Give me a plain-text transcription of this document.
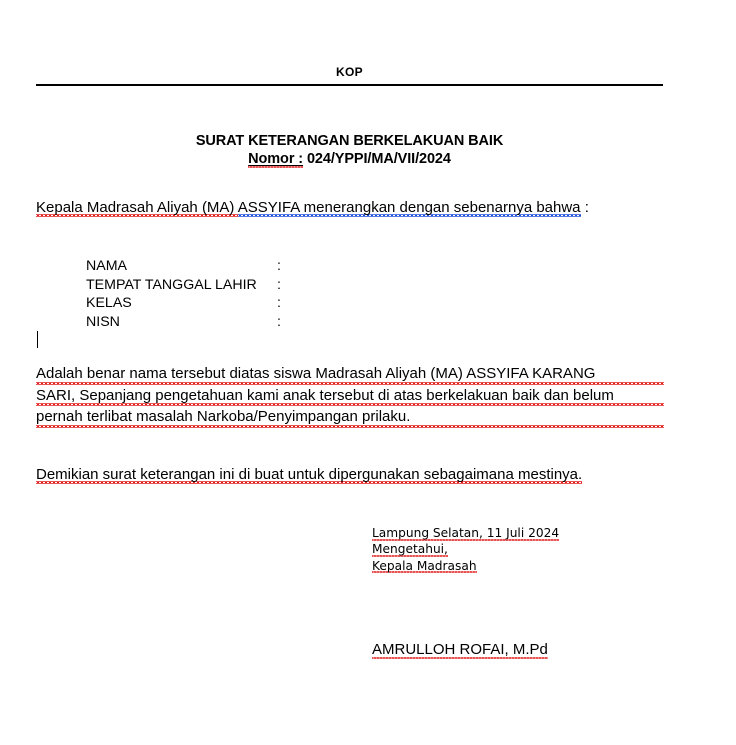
KOP
SURAT KETERANGAN BERKELAKUAN BAIK
Nomor : 024/YPPI/MA/VII/2024
Kepala Madrasah Aliyah (MA) ASSYIFA menerangkan dengan sebenarnya bahwa :
NAMA	:
TEMPAT TANGGAL LAHIR	:
KELAS	:
NISN	:
Adalah benar nama tersebut diatas siswa Madrasah Aliyah (MA) ASSYIFA KARANG
SARI, Sepanjang pengetahuan kami anak tersebut di atas berkelakuan baik dan belum
pernah terlibat masalah Narkoba/Penyimpangan prilaku.
Demikian surat keterangan ini di buat untuk dipergunakan sebagaimana mestinya.
Lampung Selatan, 11 Juli 2024
Mengetahui,
Kepala Madrasah
AMRULLOH ROFAI, M.Pd
